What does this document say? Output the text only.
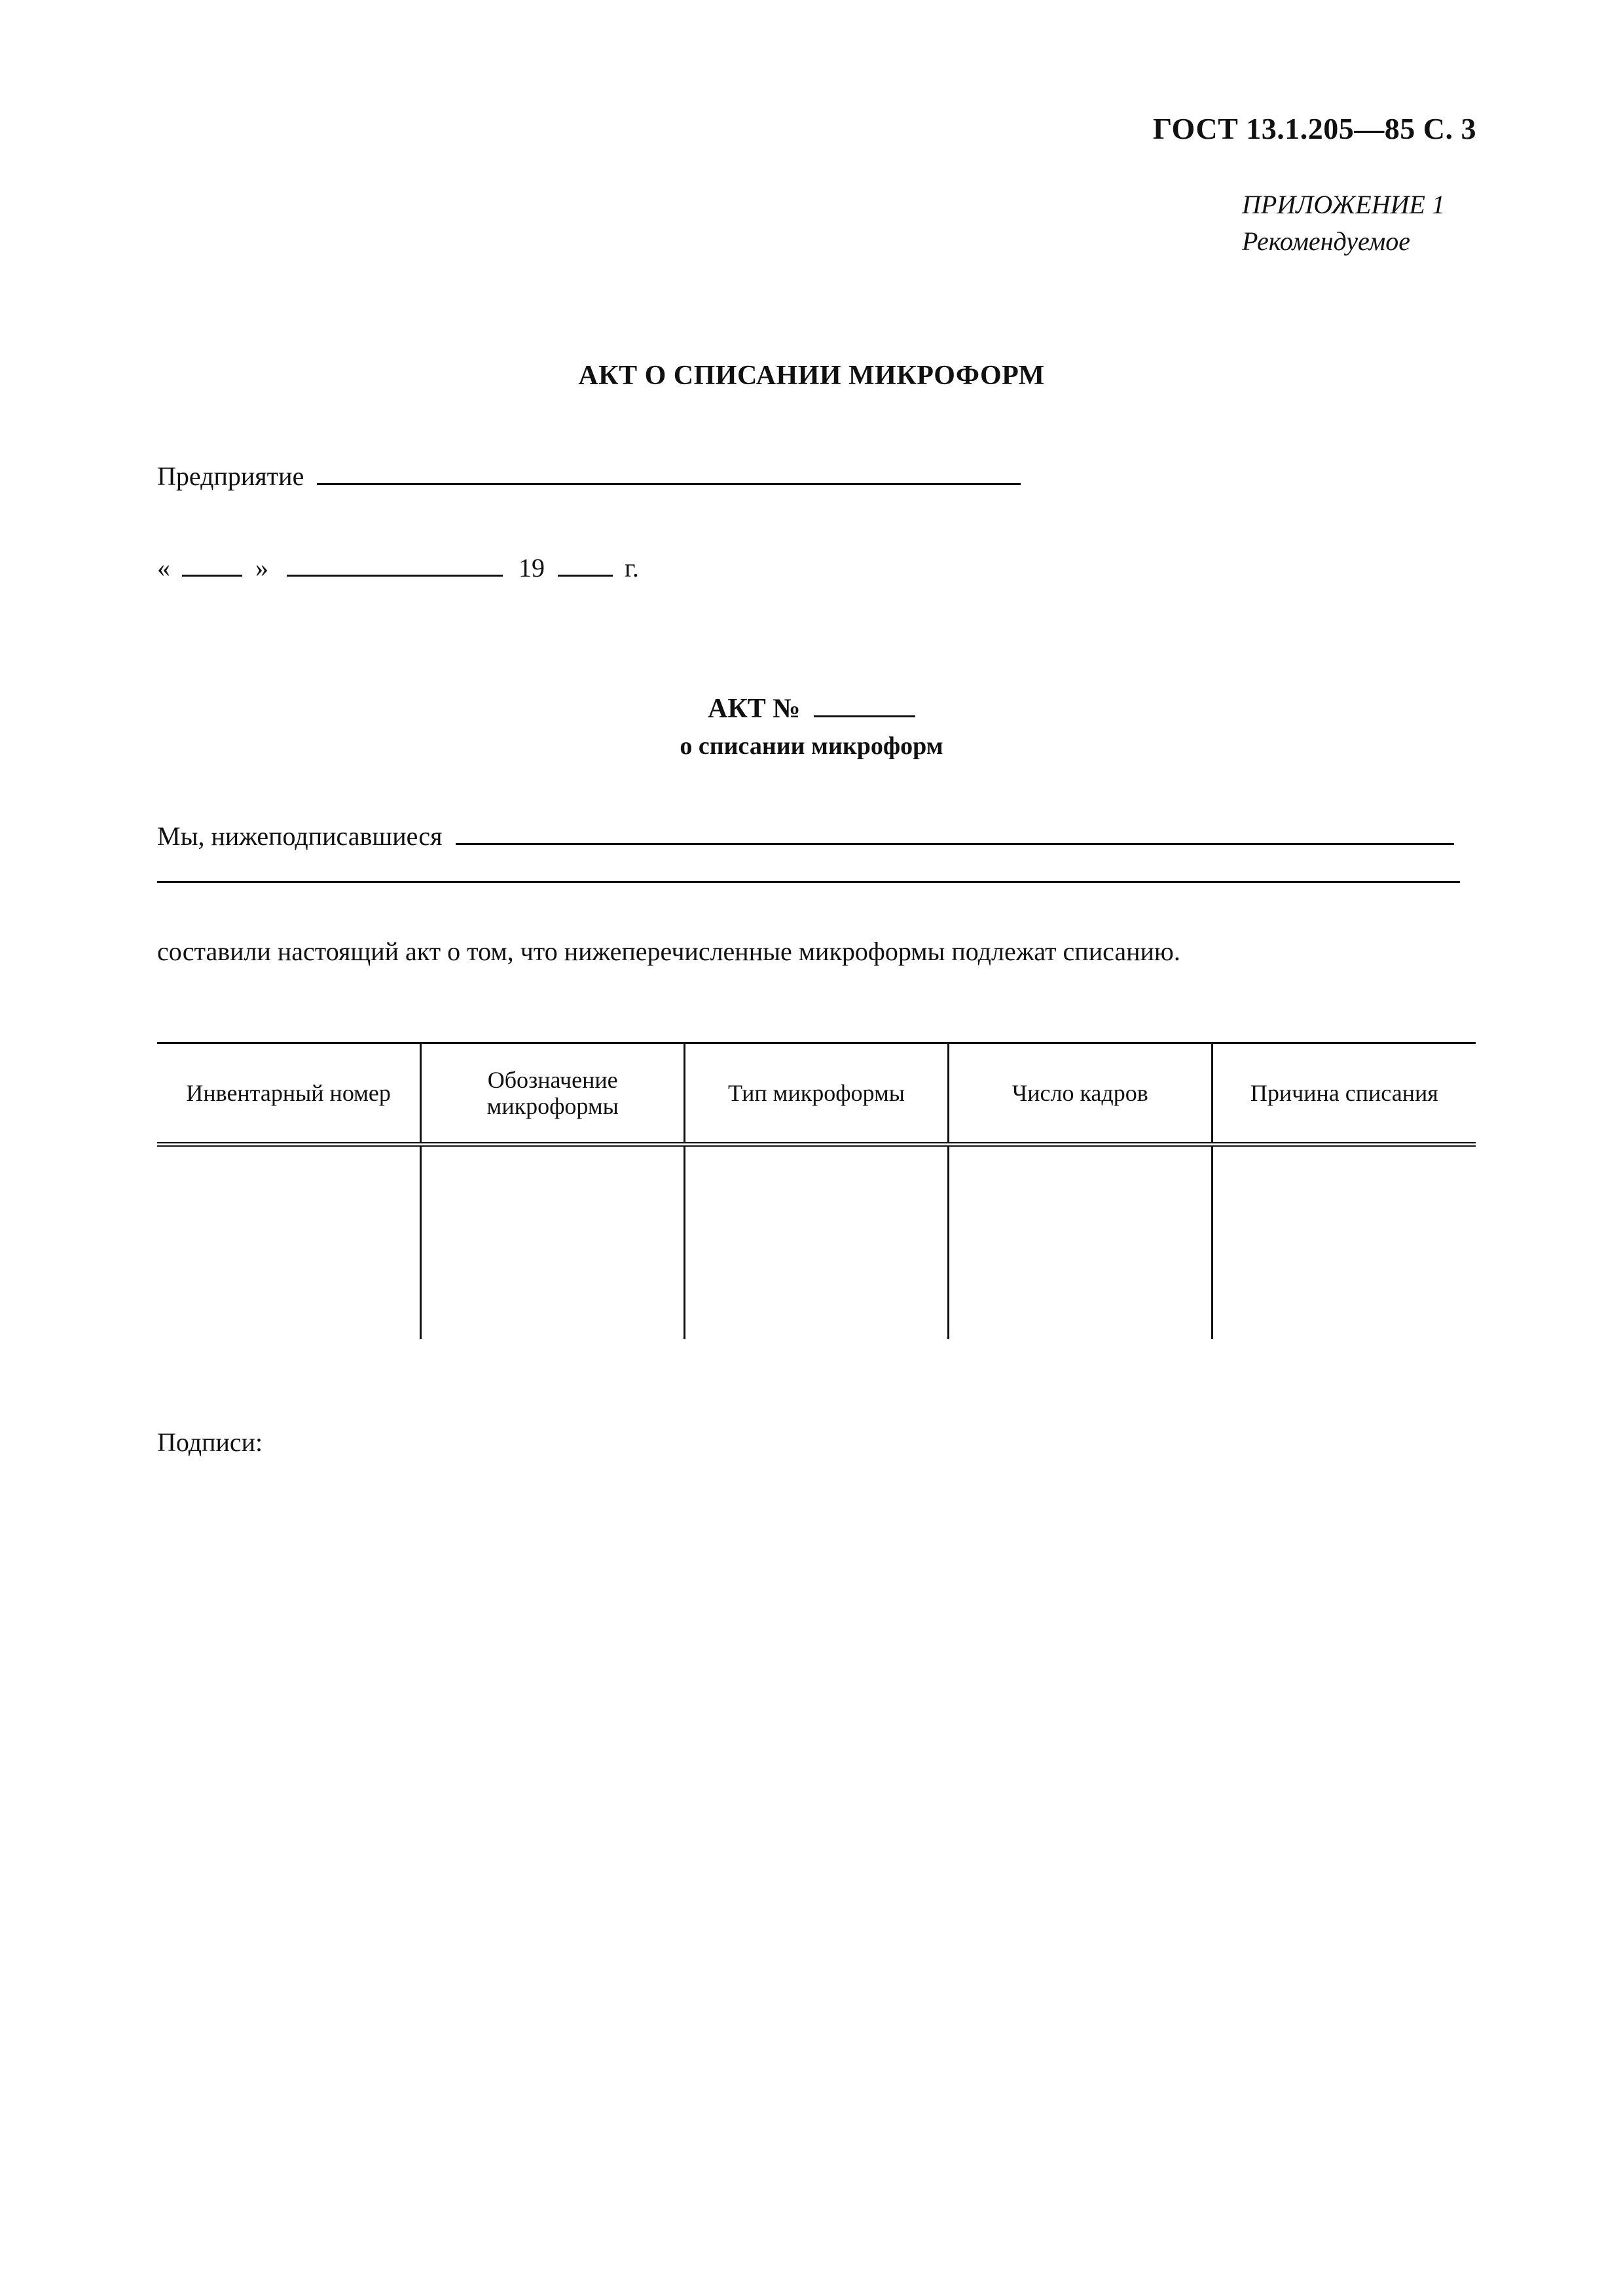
ГОСТ 13.1.205—85 С. 3
ПРИЛОЖЕНИЕ 1
Рекомендуемое
АКТ О СПИСАНИИ МИКРОФОРМ
Предприятие
«	»	19	г.
АКТ №
о списании микроформ
Мы, нижеподписавшиеся
составили настоящий акт о том, что нижеперечисленные микроформы подлежат списанию.
Инвентарный номер	Обозначение микроформы	Тип микроформы	Число кадров	Причина списания

Подписи:
